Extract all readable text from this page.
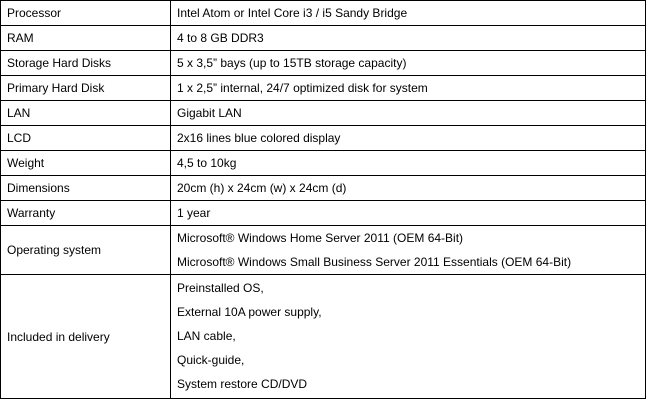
Processor	Intel Atom or Intel Core i3 / i5 Sandy Bridge
RAM	4 to 8 GB DDR3
Storage Hard Disks	5 x 3,5” bays (up to 15TB storage capacity)
Primary Hard Disk	1 x 2,5” internal, 24/7 optimized disk for system
LAN	Gigabit LAN
LCD	2x16 lines blue colored display
Weight	4,5 to 10kg
Dimensions	20cm (h) x 24cm (w) x 24cm (d)
Warranty	1 year
Operating system	Microsoft® Windows Home Server 2011 (OEM 64-Bit)
Microsoft® Windows Small Business Server 2011 Essentials (OEM 64-Bit)

Included in delivery	Preinstalled OS,
External 10A power supply,
LAN cable,
Quick-guide,
System restore CD/DVD
